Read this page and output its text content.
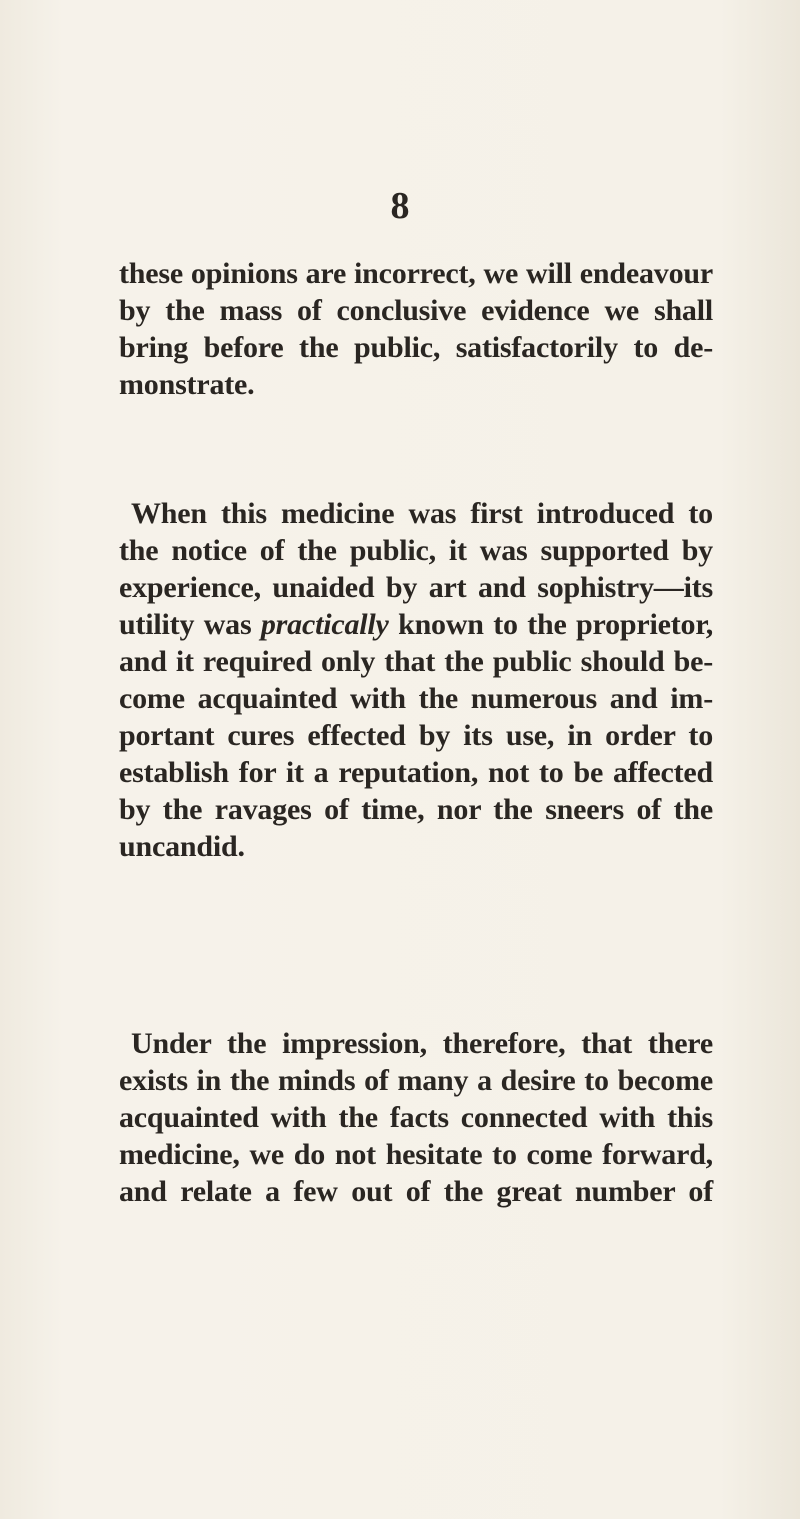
8
these opinions are incorrect, we will endeavour
by the mass of conclusive evidence we shall
bring before the public, satisfactorily to de-
monstrate.
When this medicine was first introduced to
the notice of the public, it was supported by
experience, unaided by art and sophistry—its
utility was practically known to the proprietor,
and it required only that the public should be-
come acquainted with the numerous and im-
portant cures effected by its use, in order to
establish for it a reputation, not to be affected
by the ravages of time, nor the sneers of the
uncandid.
Under the impression, therefore, that there
exists in the minds of many a desire to become
acquainted with the facts connected with this
medicine, we do not hesitate to come forward,
and relate a few out of the great number of
